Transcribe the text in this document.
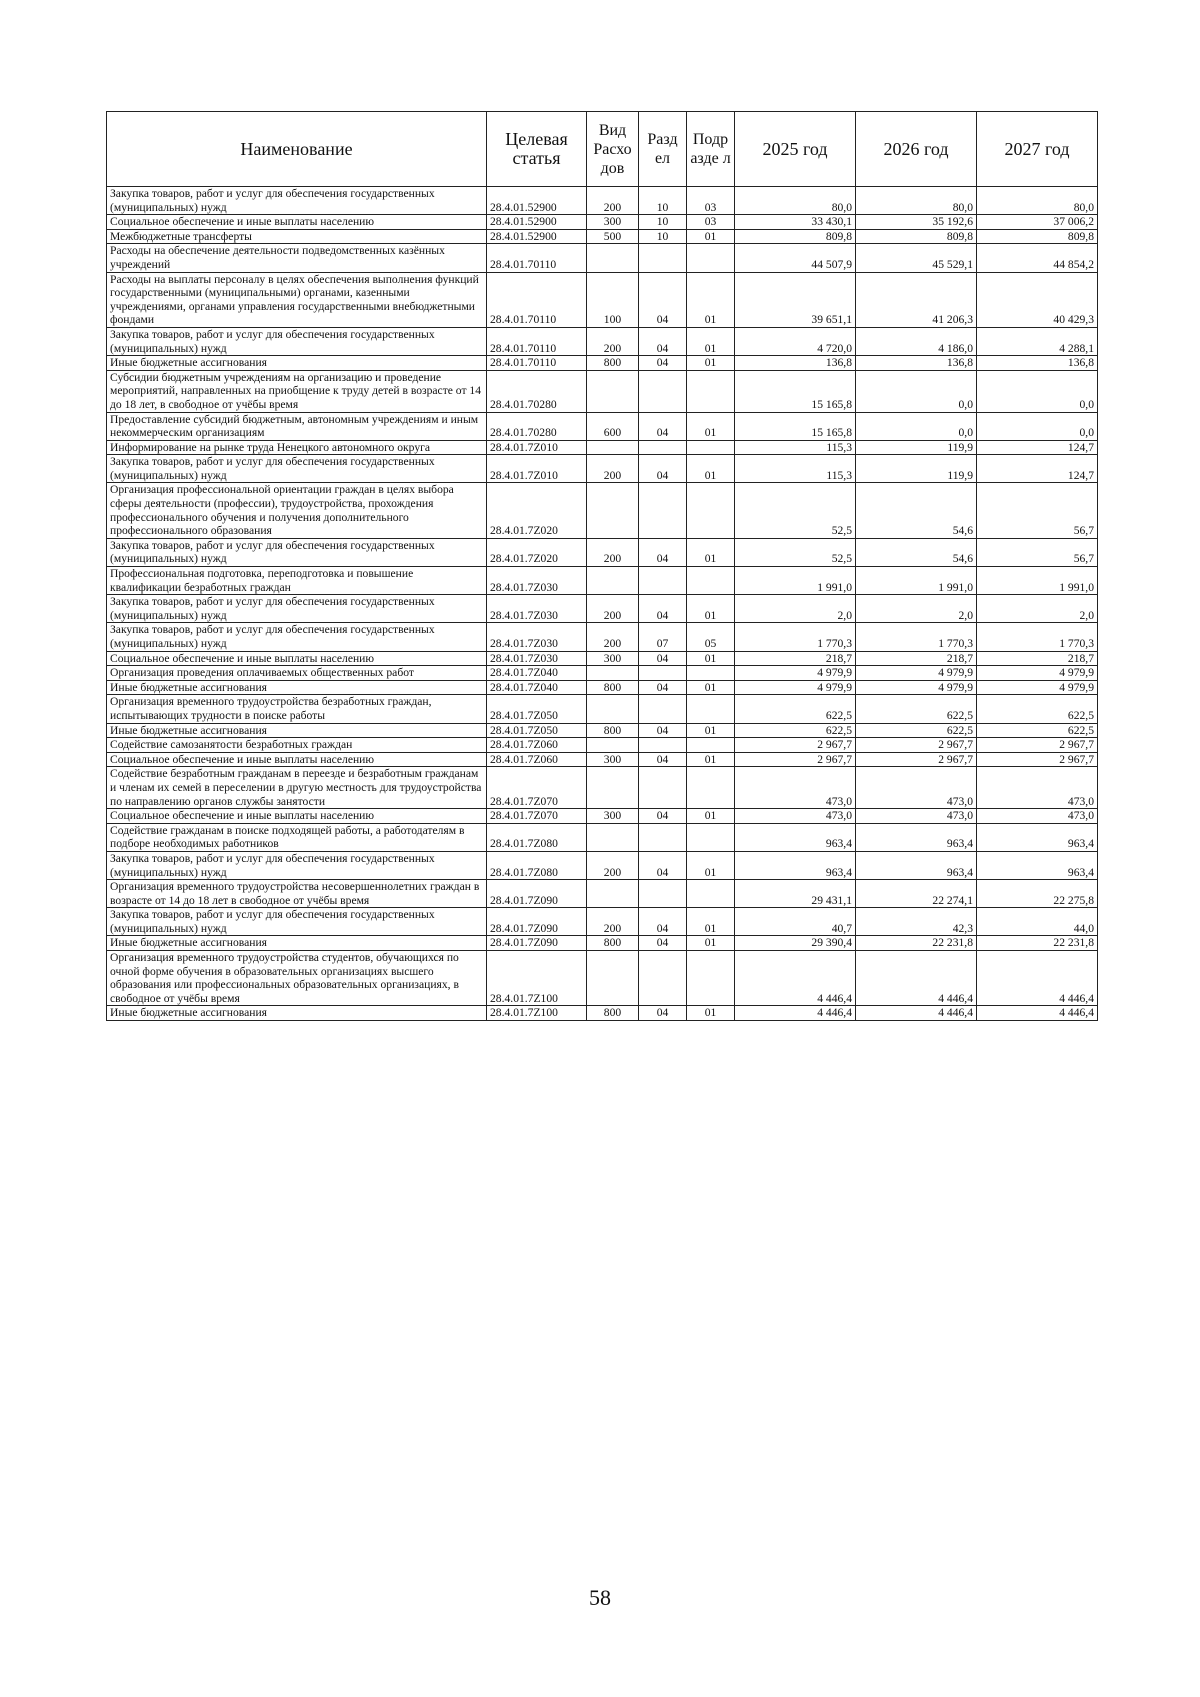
Наименование	Целевая статья	Вид Расхо дов	Разд ел	Подр азде л	2025 год	2026 год	2027 год
Закупка товаров, работ и услуг для обеспечения государственных (муниципальных) нужд	28.4.01.52900	200	10	03	80,0	80,0	80,0
Социальное обеспечение и иные выплаты населению	28.4.01.52900	300	10	03	33 430,1	35 192,6	37 006,2
Межбюджетные трансферты	28.4.01.52900	500	10	01	809,8	809,8	809,8
Расходы на обеспечение деятельности подведомственных казённых учреждений	28.4.01.70110				44 507,9	45 529,1	44 854,2
Расходы на выплаты персоналу в целях обеспечения выполнения функций государственными (муниципальными) органами, казенными учреждениями, органами управления государственными внебюджетными фондами	28.4.01.70110	100	04	01	39 651,1	41 206,3	40 429,3
Закупка товаров, работ и услуг для обеспечения государственных (муниципальных) нужд	28.4.01.70110	200	04	01	4 720,0	4 186,0	4 288,1
Иные бюджетные ассигнования	28.4.01.70110	800	04	01	136,8	136,8	136,8
Субсидии бюджетным учреждениям на организацию и проведение мероприятий, направленных на приобщение к труду детей в возрасте от 14 до 18 лет, в свободное от учёбы время	28.4.01.70280				15 165,8	0,0	0,0
Предоставление субсидий бюджетным, автономным учреждениям и иным некоммерческим организациям	28.4.01.70280	600	04	01	15 165,8	0,0	0,0
Информирование на рынке труда Ненецкого автономного округа	28.4.01.7Z010				115,3	119,9	124,7
Закупка товаров, работ и услуг для обеспечения государственных (муниципальных) нужд	28.4.01.7Z010	200	04	01	115,3	119,9	124,7
Организация профессиональной ориентации граждан в целях выбора сферы деятельности (профессии), трудоустройства, прохождения профессионального обучения и получения дополнительного профессионального образования	28.4.01.7Z020				52,5	54,6	56,7
Закупка товаров, работ и услуг для обеспечения государственных (муниципальных) нужд	28.4.01.7Z020	200	04	01	52,5	54,6	56,7
Профессиональная подготовка, переподготовка и повышение квалификации безработных граждан	28.4.01.7Z030				1 991,0	1 991,0	1 991,0
Закупка товаров, работ и услуг для обеспечения государственных (муниципальных) нужд	28.4.01.7Z030	200	04	01	2,0	2,0	2,0
Закупка товаров, работ и услуг для обеспечения государственных (муниципальных) нужд	28.4.01.7Z030	200	07	05	1 770,3	1 770,3	1 770,3
Социальное обеспечение и иные выплаты населению	28.4.01.7Z030	300	04	01	218,7	218,7	218,7
Организация проведения оплачиваемых общественных работ	28.4.01.7Z040				4 979,9	4 979,9	4 979,9
Иные бюджетные ассигнования	28.4.01.7Z040	800	04	01	4 979,9	4 979,9	4 979,9
Организация временного трудоустройства безработных граждан, испытывающих трудности в поиске работы	28.4.01.7Z050				622,5	622,5	622,5
Иные бюджетные ассигнования	28.4.01.7Z050	800	04	01	622,5	622,5	622,5
Содействие самозанятости безработных граждан	28.4.01.7Z060				2 967,7	2 967,7	2 967,7
Социальное обеспечение и иные выплаты населению	28.4.01.7Z060	300	04	01	2 967,7	2 967,7	2 967,7
Содействие безработным гражданам в переезде и безработным гражданам и членам их семей в переселении в другую местность для трудоустройства по направлению органов службы занятости	28.4.01.7Z070				473,0	473,0	473,0
Социальное обеспечение и иные выплаты населению	28.4.01.7Z070	300	04	01	473,0	473,0	473,0
Содействие гражданам в поиске подходящей работы, а работодателям в подборе необходимых работников	28.4.01.7Z080				963,4	963,4	963,4
Закупка товаров, работ и услуг для обеспечения государственных (муниципальных) нужд	28.4.01.7Z080	200	04	01	963,4	963,4	963,4
Организация временного трудоустройства несовершеннолетних граждан в возрасте от 14 до 18 лет в свободное от учёбы время	28.4.01.7Z090				29 431,1	22 274,1	22 275,8
Закупка товаров, работ и услуг для обеспечения государственных (муниципальных) нужд	28.4.01.7Z090	200	04	01	40,7	42,3	44,0
Иные бюджетные ассигнования	28.4.01.7Z090	800	04	01	29 390,4	22 231,8	22 231,8
Организация временного трудоустройства студентов, обучающихся по очной форме обучения в образовательных организациях высшего образования или профессиональных образовательных организациях, в свободное от учёбы время	28.4.01.7Z100				4 446,4	4 446,4	4 446,4
Иные бюджетные ассигнования	28.4.01.7Z100	800	04	01	4 446,4	4 446,4	4 446,4
58
